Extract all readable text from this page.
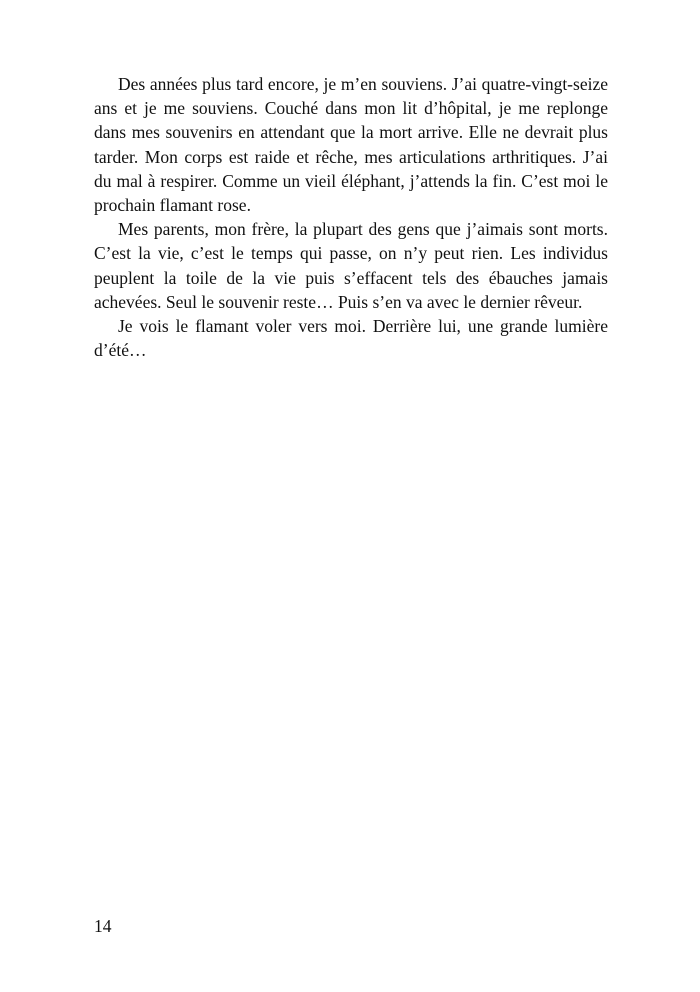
Des années plus tard encore, je m’en souviens. J’ai quatre-vingt-seize ans et je me souviens. Couché dans mon lit d’hôpital, je me replonge dans mes souvenirs en attendant que la mort arrive. Elle ne devrait plus tarder. Mon corps est raide et rêche, mes articulations arthritiques. J’ai du mal à respirer. Comme un vieil éléphant, j’attends la fin. C’est moi le prochain flamant rose.

Mes parents, mon frère, la plupart des gens que j’aimais sont morts. C’est la vie, c’est le temps qui passe, on n’y peut rien. Les individus peuplent la toile de la vie puis s’effacent tels des ébauches jamais achevées. Seul le souvenir reste… Puis s’en va avec le dernier rêveur.

Je vois le flamant voler vers moi. Derrière lui, une grande lumière d’été…

14
